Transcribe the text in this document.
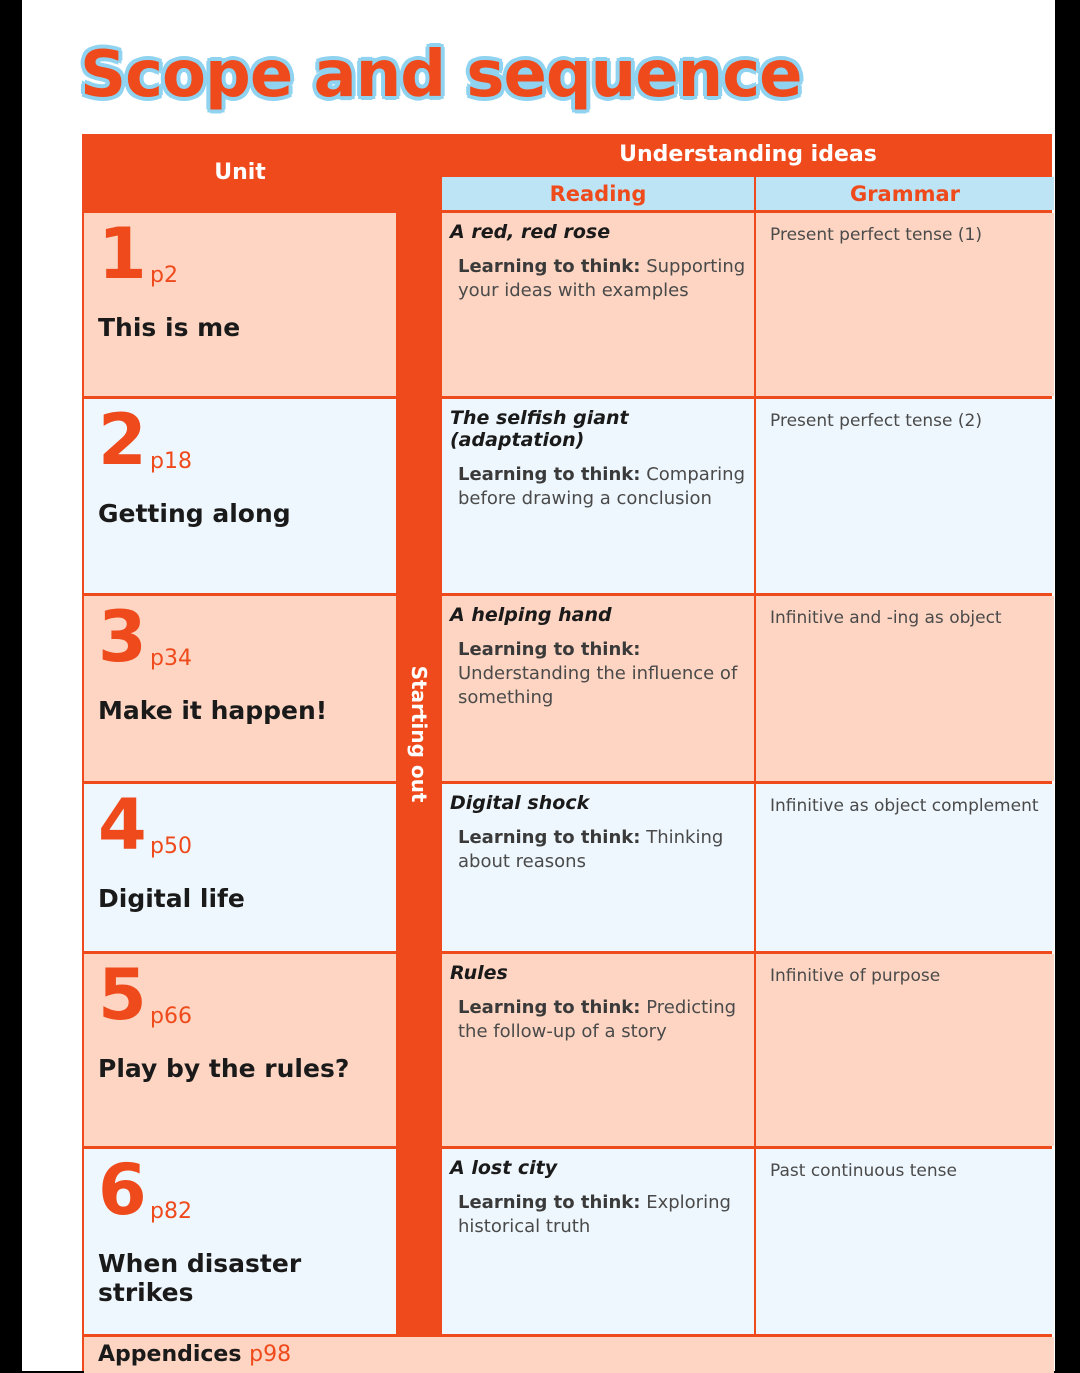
Scope and sequence
Unit
Starting out
Understanding ideas
Reading	Grammar
1 p2
This is me
A red, red rose
Learning to think: Supporting your ideas with examples
Present perfect tense (1)
2 p18
Getting along
The selfish giant (adaptation)
Learning to think: Comparing before drawing a conclusion
Present perfect tense (2)
3 p34
Make it happen!
A helping hand
Learning to think: Understanding the influence of something
Infinitive and -ing as object
4 p50
Digital life
Digital shock
Learning to think: Thinking about reasons
Infinitive as object complement
5 p66
Play by the rules?
Rules
Learning to think: Predicting the follow-up of a story
Infinitive of purpose
6 p82
When disaster strikes
A lost city
Learning to think: Exploring historical truth
Past continuous tense
Appendices p98
